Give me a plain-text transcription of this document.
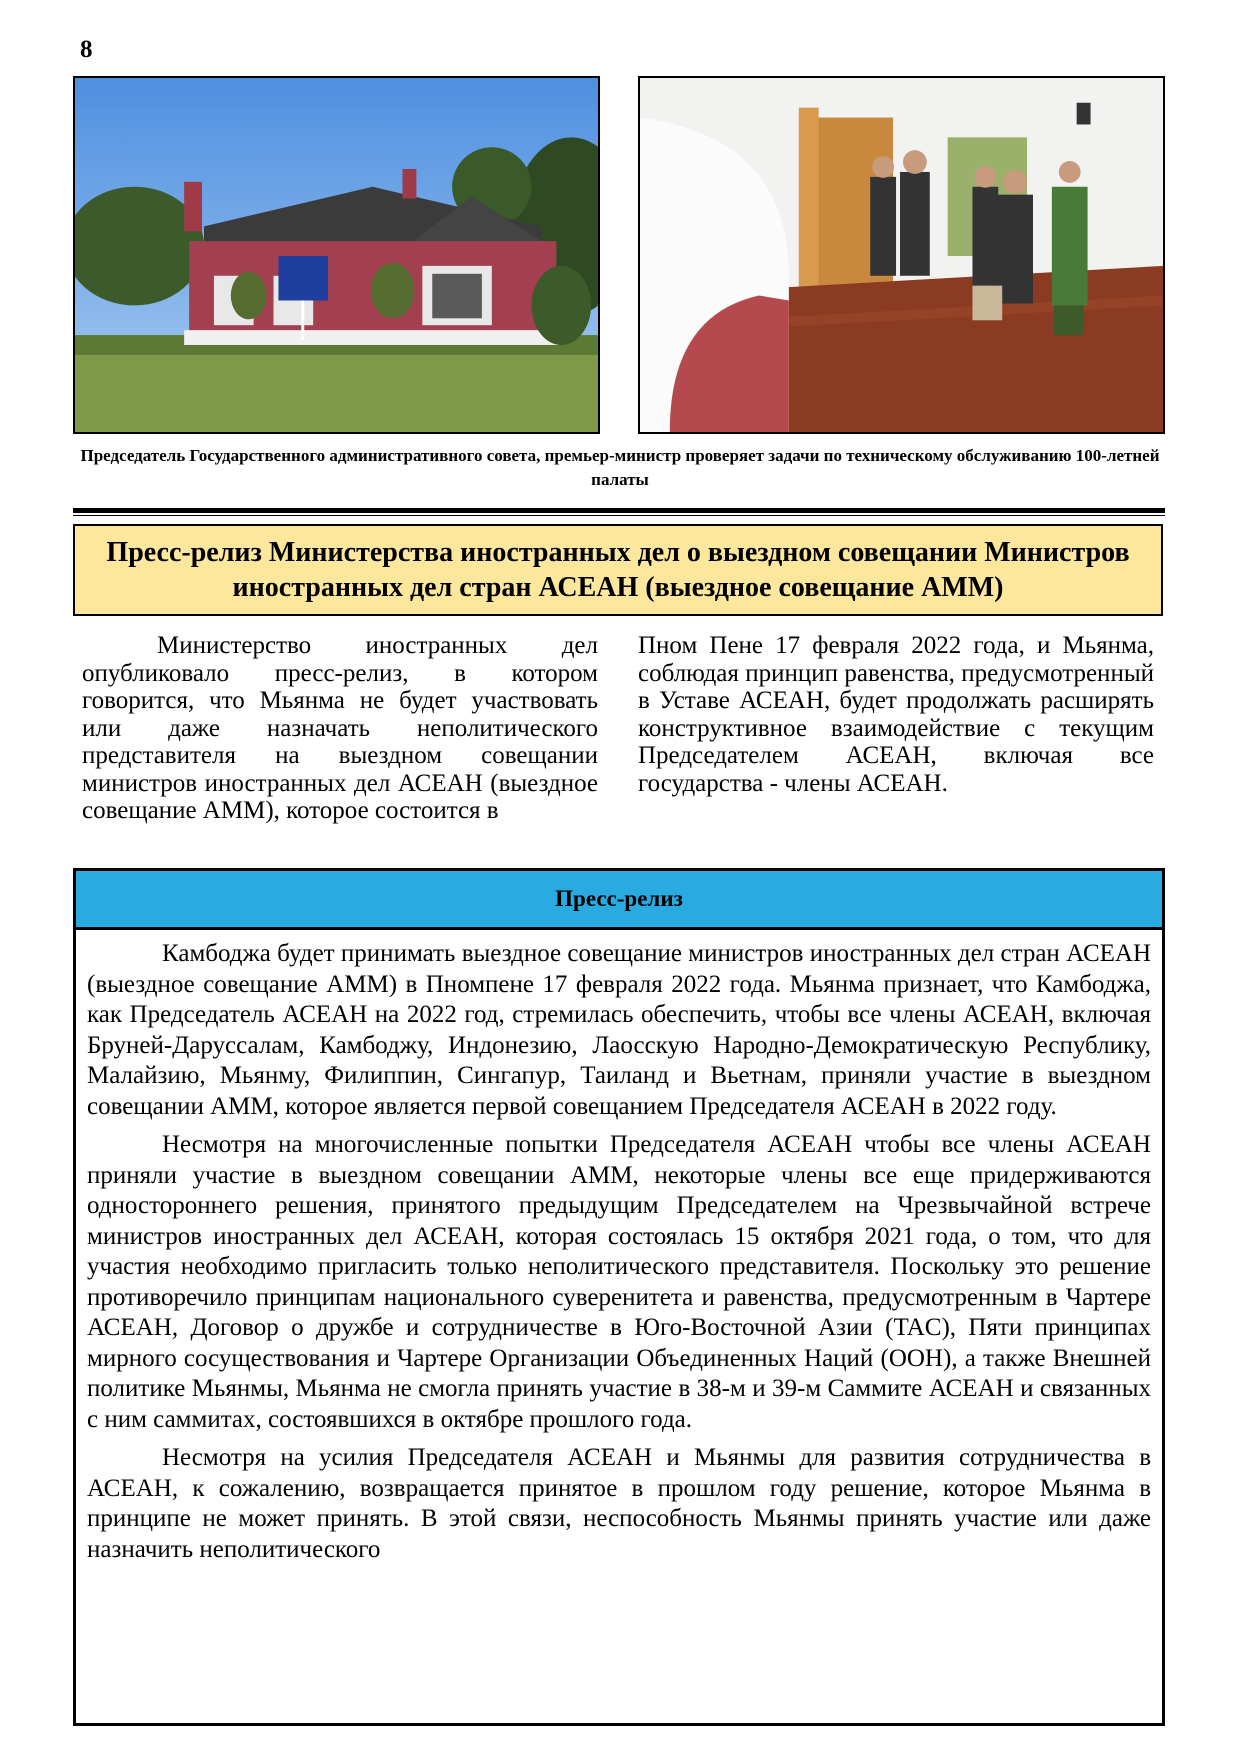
8
Председатель Государственного административного совета, премьер-министр проверяет задачи по техническому обслуживанию 100-летней палаты
Пресс-релиз Министерства иностранных дел о выездном совещании Министров иностранных дел стран АСЕАН (выездное совещание АММ)

Министерство иностранных дел опубликовало пресс-релиз, в котором говорится, что Мьянма не будет участвовать или даже назначать неполитического представителя на выездном совещании министров иностранных дел АСЕАН (выездное совещание АММ), которое состоится в

Пном Пене 17 февраля 2022 года, и Мьянма, соблюдая принцип равенства, предусмотренный в Уставе АСЕАН, будет продолжать расширять конструктивное взаимодействие с текущим Председателем АСЕАН, включая все государства - члены АСЕАН.

Пресс-релиз

Камбоджа будет принимать выездное совещание министров иностранных дел стран АСЕАН (выездное совещание АММ) в Пномпене 17 февраля 2022 года. Мьянма признает, что Камбоджа, как Председатель АСЕАН на 2022 год, стремилась обеспечить, чтобы все члены АСЕАН, включая Бруней-Даруссалам, Камбоджу, Индонезию, Лаосскую Народно-Демократическую Республику, Малайзию, Мьянму, Филиппин, Сингапур, Таиланд и Вьетнам, приняли участие в выездном совещании АММ, которое является первой совещанием Председателя АСЕАН в 2022 году.

Несмотря на многочисленные попытки Председателя АСЕАН чтобы все члены АСЕАН приняли участие в выездном совещании АММ, некоторые члены все еще придерживаются одностороннего решения, принятого предыдущим Председателем на Чрезвычайной встрече министров иностранных дел АСЕАН, которая состоялась 15 октября 2021 года, о том, что для участия необходимо пригласить только неполитического представителя. Поскольку это решение противоречило принципам национального суверенитета и равенства, предусмотренным в Чартере АСЕАН, Договор о дружбе и сотрудничестве в Юго-Восточной Азии (TAC), Пяти принципах мирного сосуществования и Чартере Организации Объединенных Наций (ООН), а также Внешней политике Мьянмы, Мьянма не смогла принять участие в 38-м и 39-м Саммите АСЕАН и связанных с ним саммитах, состоявшихся в октябре прошлого года.

Несмотря на усилия Председателя АСЕАН и Мьянмы для развития сотрудничества в АСЕАН, к сожалению, возвращается принятое в прошлом году решение, которое Мьянма в принципе не может принять. В этой связи, неспособность Мьянмы принять участие или даже назначить неполитического
